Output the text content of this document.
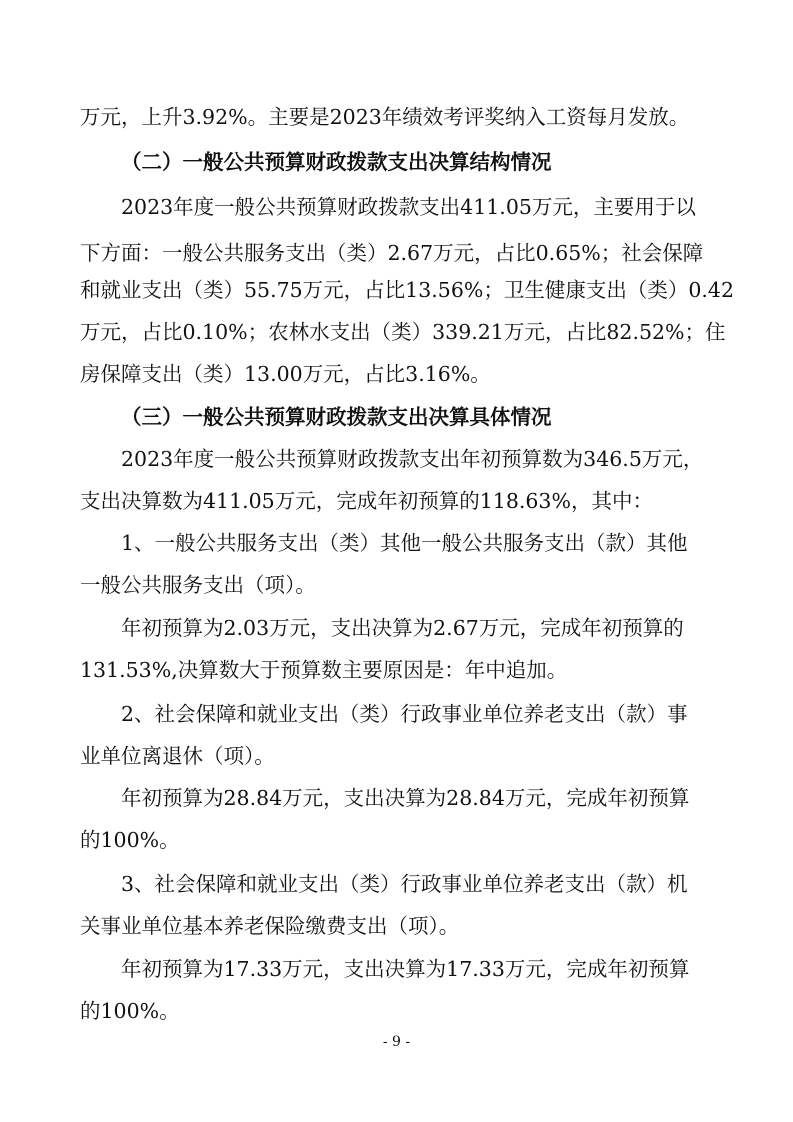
万元，上升3.92%。主要是2023年绩效考评奖纳入工资每月发放。
（二）一般公共预算财政拨款支出决算结构情况
2023年度一般公共预算财政拨款支出411.05万元，主要用于以
下方面：一般公共服务支出（类）2.67万元，占比0.65%；社会保障
和就业支出（类）55.75万元，占比13.56%；卫生健康支出（类）0.42
万元，占比0.10%；农林水支出（类）339.21万元，占比82.52%；住
房保障支出（类）13.00万元，占比3.16%。
（三）一般公共预算财政拨款支出决算具体情况
2023年度一般公共预算财政拨款支出年初预算数为346.5万元，
支出决算数为411.05万元，完成年初预算的118.63%，其中：
1、一般公共服务支出（类）其他一般公共服务支出（款）其他
一般公共服务支出（项）。
年初预算为2.03万元，支出决算为2.67万元，完成年初预算的
131.53%,决算数大于预算数主要原因是：年中追加。
2、社会保障和就业支出（类）行政事业单位养老支出（款）事
业单位离退休（项）。
年初预算为28.84万元，支出决算为28.84万元，完成年初预算
的100%。
3、社会保障和就业支出（类）行政事业单位养老支出（款）机
关事业单位基本养老保险缴费支出（项）。
年初预算为17.33万元，支出决算为17.33万元，完成年初预算
的100%。
- 9 -
